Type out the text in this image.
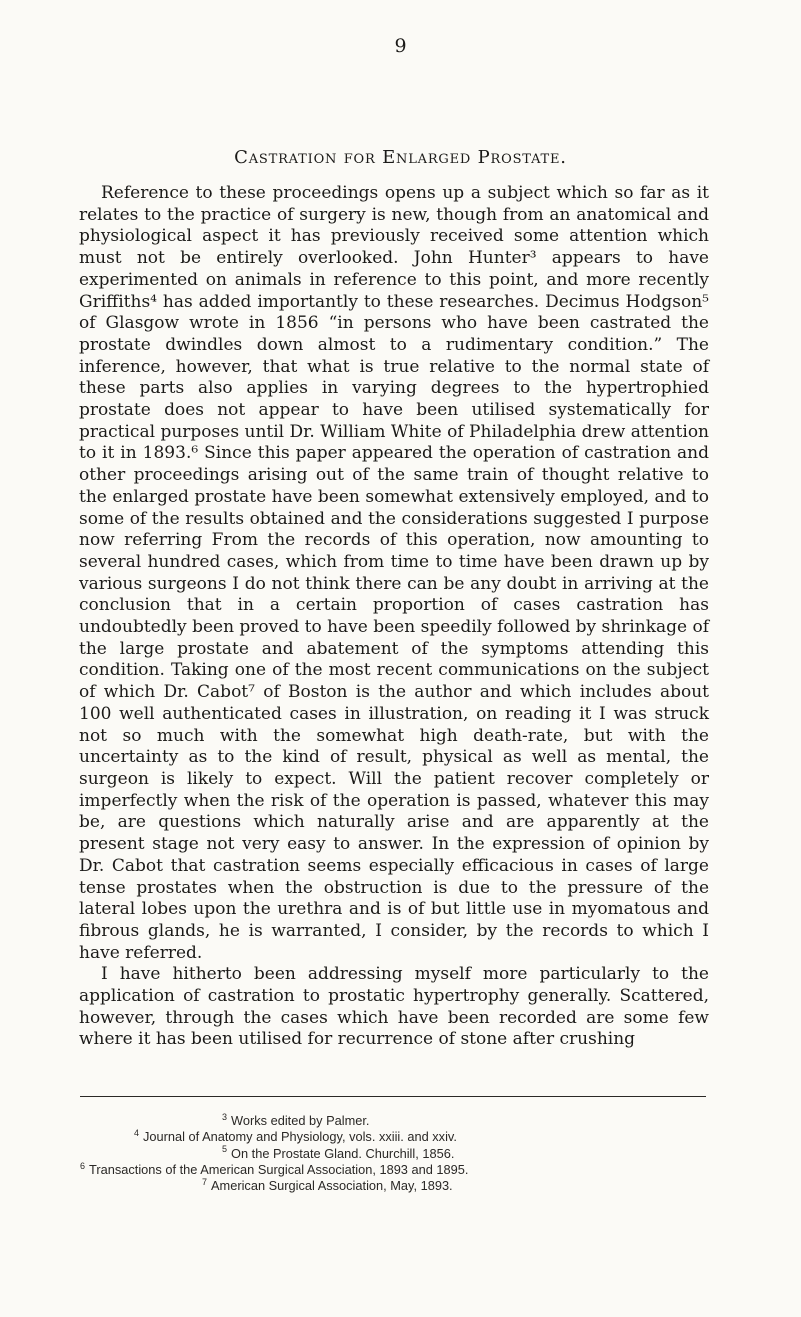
9
Castration for Enlarged Prostate.

Reference to these proceedings opens up a subject which so far as it relates to the practice of surgery is new, though from an anatomical and physiological aspect it has previously received some attention which must not be entirely overlooked. John Hunter³ appears to have experimented on animals in reference to this point, and more recently Griffiths⁴ has added importantly to these researches. Decimus Hodgson⁵ of Glasgow wrote in 1856 “in persons who have been castrated the prostate dwindles down almost to a rudimentary condition.” The inference, however, that what is true relative to the normal state of these parts also applies in varying degrees to the hypertrophied prostate does not appear to have been utilised systematically for practical purposes until Dr. William White of Philadelphia drew attention to it in 1893.⁶ Since this paper appeared the operation of castration and other proceedings arising out of the same train of thought relative to the enlarged prostate have been somewhat extensively employed, and to some of the results obtained and the considerations suggested I purpose now referring From the records of this operation, now amounting to several hundred cases, which from time to time have been drawn up by various surgeons I do not think there can be any doubt in arriving at the conclusion that in a certain proportion of cases castration has undoubtedly been proved to have been speedily followed by shrinkage of the large prostate and abatement of the symptoms attending this condition. Taking one of the most recent communications on the subject of which Dr. Cabot⁷ of Boston is the author and which includes about 100 well authenticated cases in illustration, on reading it I was struck not so much with the somewhat high death-rate, but with the uncertainty as to the kind of result, physical as well as mental, the surgeon is likely to expect. Will the patient recover completely or imperfectly when the risk of the operation is passed, whatever this may be, are questions which naturally arise and are apparently at the present stage not very easy to answer. In the expression of opinion by Dr. Cabot that castration seems especially efficacious in cases of large tense prostates when the obstruction is due to the pressure of the lateral lobes upon the urethra and is of but little use in myomatous and fibrous glands, he is warranted, I consider, by the records to which I have referred.

I have hitherto been addressing myself more particularly to the application of castration to prostatic hypertrophy generally. Scattered, however, through the cases which have been recorded are some few where it has been utilised for recurrence of stone after crushing

$^3$ Works edited by Palmer.
$^4$ Journal of Anatomy and Physiology, vols. xxiii. and xxiv.
$^5$ On the Prostate Gland. Churchill, 1856.
$^6$ Transactions of the American Surgical Association, 1893 and 1895.
$^7$ American Surgical Association, May, 1893.
